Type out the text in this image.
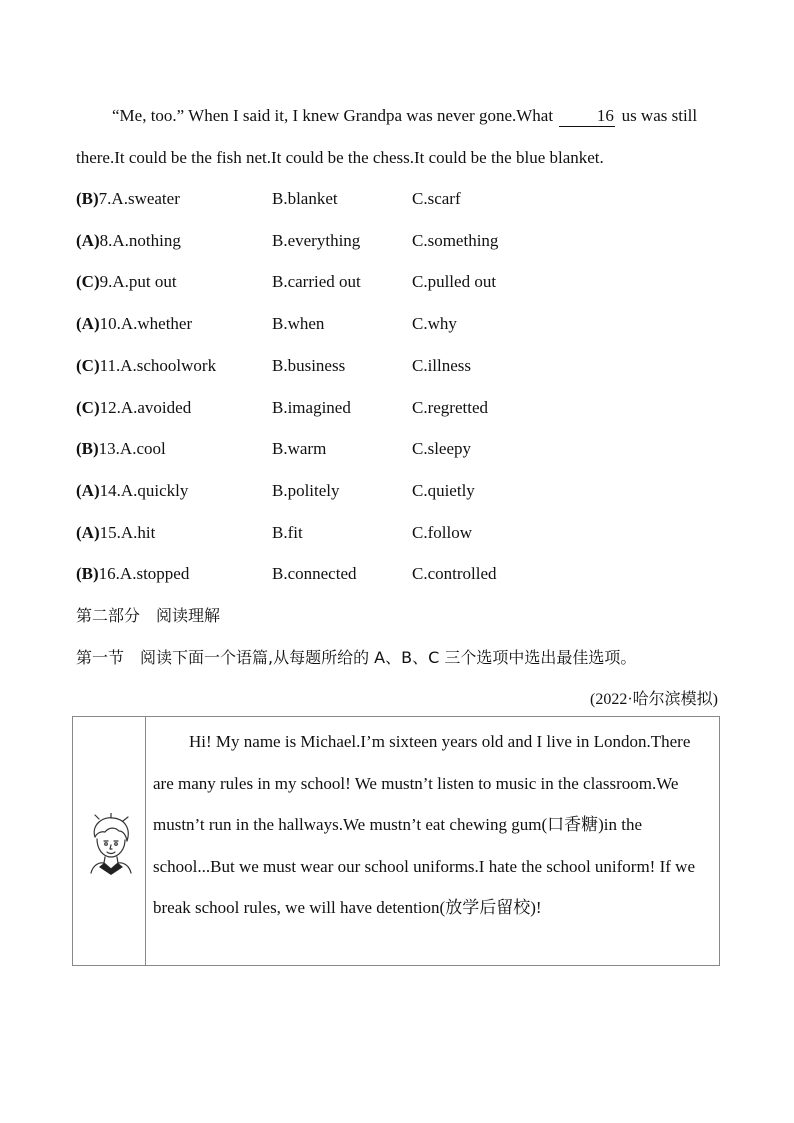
“Me, too.” When I said it, I knew Grandpa was never gone.What 16 us was still there.It could be the fish net.It could be the chess.It could be the blue blanket.
(B)7.A.sweater	B.blanket	C.scarf
(A)8.A.nothing	B.everything	C.something
(C)9.A.put out	B.carried out	C.pulled out
(A)10.A.whether	B.when	C.why
(C)11.A.schoolwork	B.business	C.illness
(C)12.A.avoided	B.imagined	C.regretted
(B)13.A.cool	B.warm	C.sleepy
(A)14.A.quickly	B.politely	C.quietly
(A)15.A.hit	B.fit	C.follow
(B)16.A.stopped	B.connected	C.controlled
第二部分　阅读理解
第一节　阅读下面一个语篇,从每题所给的 A、B、C 三个选项中选出最佳选项。
(2022·哈尔滨模拟)
Hi! My name is Michael.I’m sixteen years old and I live in London.There are many rules in my school! We mustn’t listen to music in the classroom.We mustn’t run in the hallways.We mustn’t eat chewing gum(口香糖)in the school...But we must wear our school uniforms.I hate the school uniform! If we break school rules, we will have detention(放学后留校)!
